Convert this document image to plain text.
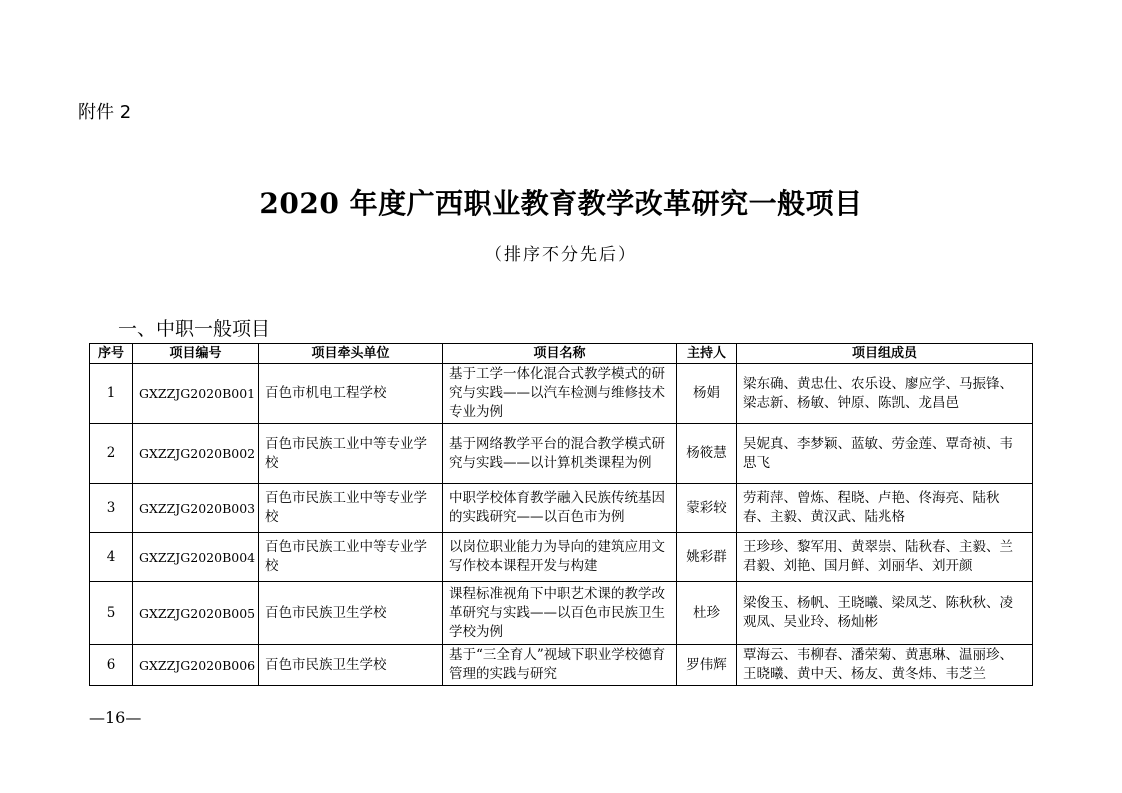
附件 2
2020 年度广西职业教育教学改革研究一般项目
（排序不分先后）
一、中职一般项目
序号	项目编号	项目牵头单位	项目名称	主持人	项目组成员
1	GXZZJG2020B001	百色市机电工程学校	基于工学一体化混合式教学模式的研究与实践——以汽车检测与维修技术专业为例	杨娟	梁东确、黄忠仕、农乐设、廖应学、马振锋、梁志新、杨敏、钟原、陈凯、龙昌邑
2	GXZZJG2020B002	百色市民族工业中等专业学校	基于网络教学平台的混合教学模式研究与实践——以计算机类课程为例	杨筱慧	吴妮真、李梦颖、蓝敏、劳金莲、覃奇祯、韦思飞
3	GXZZJG2020B003	百色市民族工业中等专业学校	中职学校体育教学融入民族传统基因的实践研究——以百色市为例	蒙彩较	劳莉萍、曾炼、程晓、卢艳、佟海亮、陆秋春、主毅、黄汉武、陆兆格
4	GXZZJG2020B004	百色市民族工业中等专业学校	以岗位职业能力为导向的建筑应用文写作校本课程开发与构建	姚彩群	王珍珍、黎军用、黄翠崇、陆秋春、主毅、兰君毅、刘艳、国月鲜、刘丽华、刘开颜
5	GXZZJG2020B005	百色市民族卫生学校	课程标准视角下中职艺术课的教学改革研究与实践——以百色市民族卫生学校为例	杜珍	梁俊玉、杨帆、王晓曦、梁凤芝、陈秋秋、凌观凤、吴业玲、杨灿彬
6	GXZZJG2020B006	百色市民族卫生学校	基于“三全育人”视域下职业学校德育管理的实践与研究	罗伟辉	覃海云、韦柳春、潘荣菊、黄惠琳、温丽珍、王晓曦、黄中天、杨友、黄冬炜、韦芝兰
—16—
